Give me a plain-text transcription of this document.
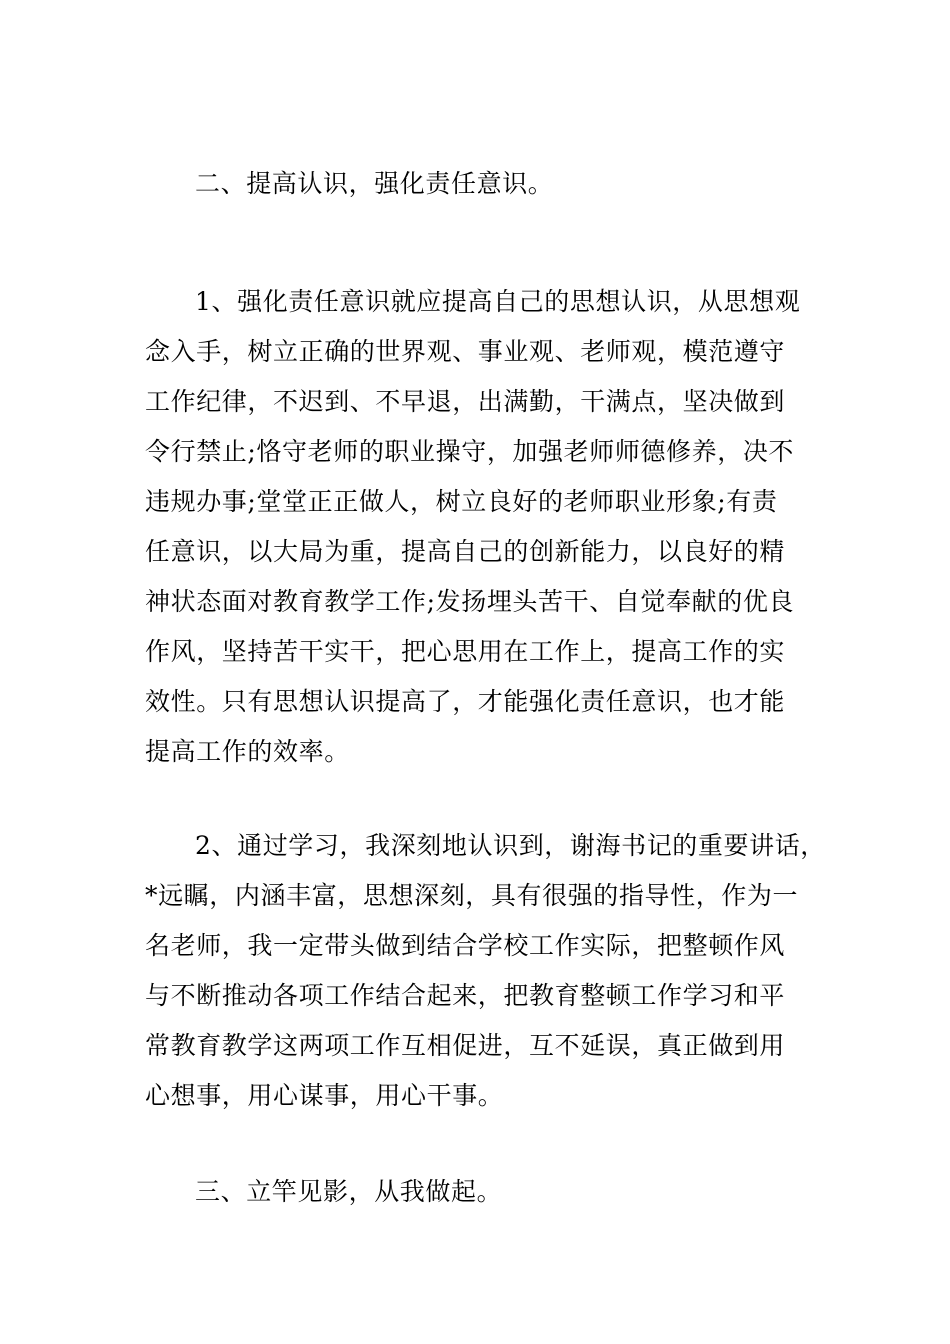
二、提高认识，强化责任意识。
1、强化责任意识就应提高自己的思想认识，从思想观
念入手，树立正确的世界观、事业观、老师观，模范遵守
工作纪律，不迟到、不早退，出满勤，干满点，坚决做到
令行禁止;恪守老师的职业操守，加强老师师德修养，决不
违规办事;堂堂正正做人，树立良好的老师职业形象;有责
任意识，以大局为重，提高自己的创新能力，以良好的精
神状态面对教育教学工作;发扬埋头苦干、自觉奉献的优良
作风，坚持苦干实干，把心思用在工作上，提高工作的实
效性。只有思想认识提高了，才能强化责任意识，也才能
提高工作的效率。
2、通过学习，我深刻地认识到，谢海书记的重要讲话，
*远瞩，内涵丰富，思想深刻，具有很强的指导性，作为一
名老师，我一定带头做到结合学校工作实际，把整顿作风
与不断推动各项工作结合起来，把教育整顿工作学习和平
常教育教学这两项工作互相促进，互不延误，真正做到用
心想事，用心谋事，用心干事。
三、立竿见影，从我做起。
